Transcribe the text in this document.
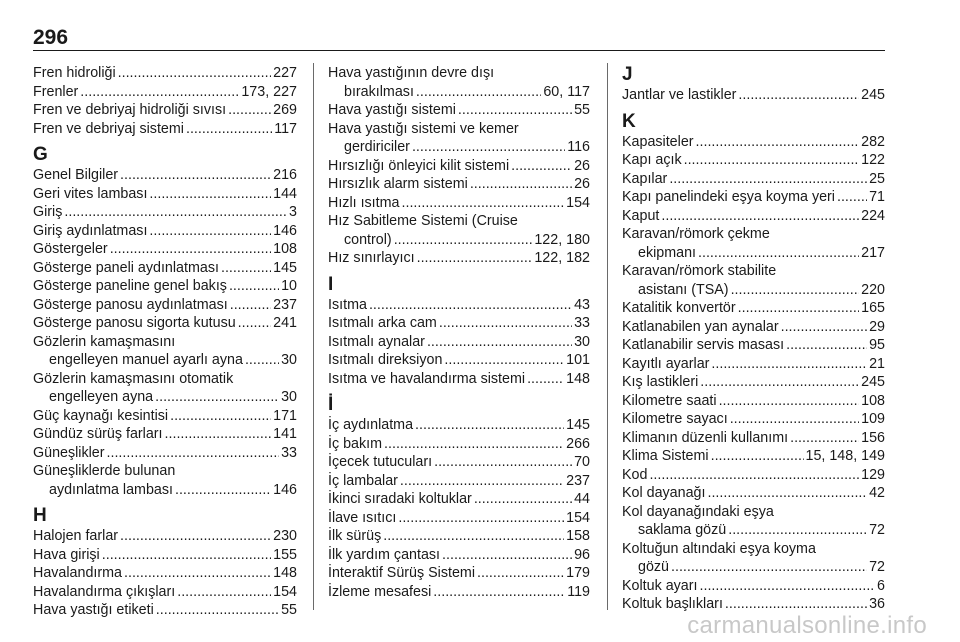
296
Fren hidroliği .....	227
Frenler .....	173, 227
Fren ve debriyaj hidroliği sıvısı .....	269
Fren ve debriyaj sistemi .....	117
G
Genel Bilgiler .....	216
Geri vites lambası .....	144
Giriş .....	3
Giriş aydınlatması .....	146
Göstergeler .....	108
Gösterge paneli aydınlatması .....	145
Gösterge paneline genel bakış .....	10
Gösterge panosu aydınlatması .....	237
Gösterge panosu sigorta kutusu .....	241
Gözlerin kamaşmasını
engelleyen manuel ayarlı ayna .....	30
Gözlerin kamaşmasını otomatik
engelleyen ayna .....	30
Güç kaynağı kesintisi .....	171
Gündüz sürüş farları .....	141
Güneşlikler .....	33
Güneşliklerde bulunan
aydınlatma lambası .....	146
H
Halojen farlar .....	230
Hava girişi .....	155
Havalandırma .....	148
Havalandırma çıkışları .....	154
Hava yastığı etiketi .....	55
Hava yastığının devre dışı
bırakılması .....	60, 117
Hava yastığı sistemi .....	55
Hava yastığı sistemi ve kemer
gerdiriciler .....	116
Hırsızlığı önleyici kilit sistemi .....	26
Hırsızlık alarm sistemi .....	26
Hızlı ısıtma .....	154
Hız Sabitleme Sistemi (Cruise
control) .....	122, 180
Hız sınırlayıcı .....	122, 182
I
Isıtma .....	43
Isıtmalı arka cam .....	33
Isıtmalı aynalar .....	30
Isıtmalı direksiyon .....	101
Isıtma ve havalandırma sistemi .....	148
İ
İç aydınlatma .....	145
İç bakım .....	266
İçecek tutucuları .....	70
İç lambalar .....	237
İkinci sıradaki koltuklar .....	44
İlave ısıtıcı .....	154
İlk sürüş .....	158
İlk yardım çantası .....	96
İnteraktif Sürüş Sistemi .....	179
İzleme mesafesi .....	119
J
Jantlar ve lastikler .....	245
K
Kapasiteler .....	282
Kapı açık .....	122
Kapılar .....	25
Kapı panelindeki eşya koyma yeri ..... 71
Kaput .....	224
Karavan/römork çekme
ekipmanı .....	217
Karavan/römork stabilite
asistanı (TSA) .....	220
Katalitik konvertör .....	165
Katlanabilen yan aynalar .....	29
Katlanabilir servis masası .....	95
Kayıtlı ayarlar .....	21
Kış lastikleri .....	245
Kilometre saati .....	108
Kilometre sayacı .....	109
Klimanın düzenli kullanımı .....	156
Klima Sistemi .....	15, 148, 149
Kod .....	129
Kol dayanağı .....	42
Kol dayanağındaki eşya
saklama gözü .....	72
Koltuğun altındaki eşya koyma
gözü .....	72
Koltuk ayarı .....	6
Koltuk başlıkları .....	36
carmanualsonline.info
